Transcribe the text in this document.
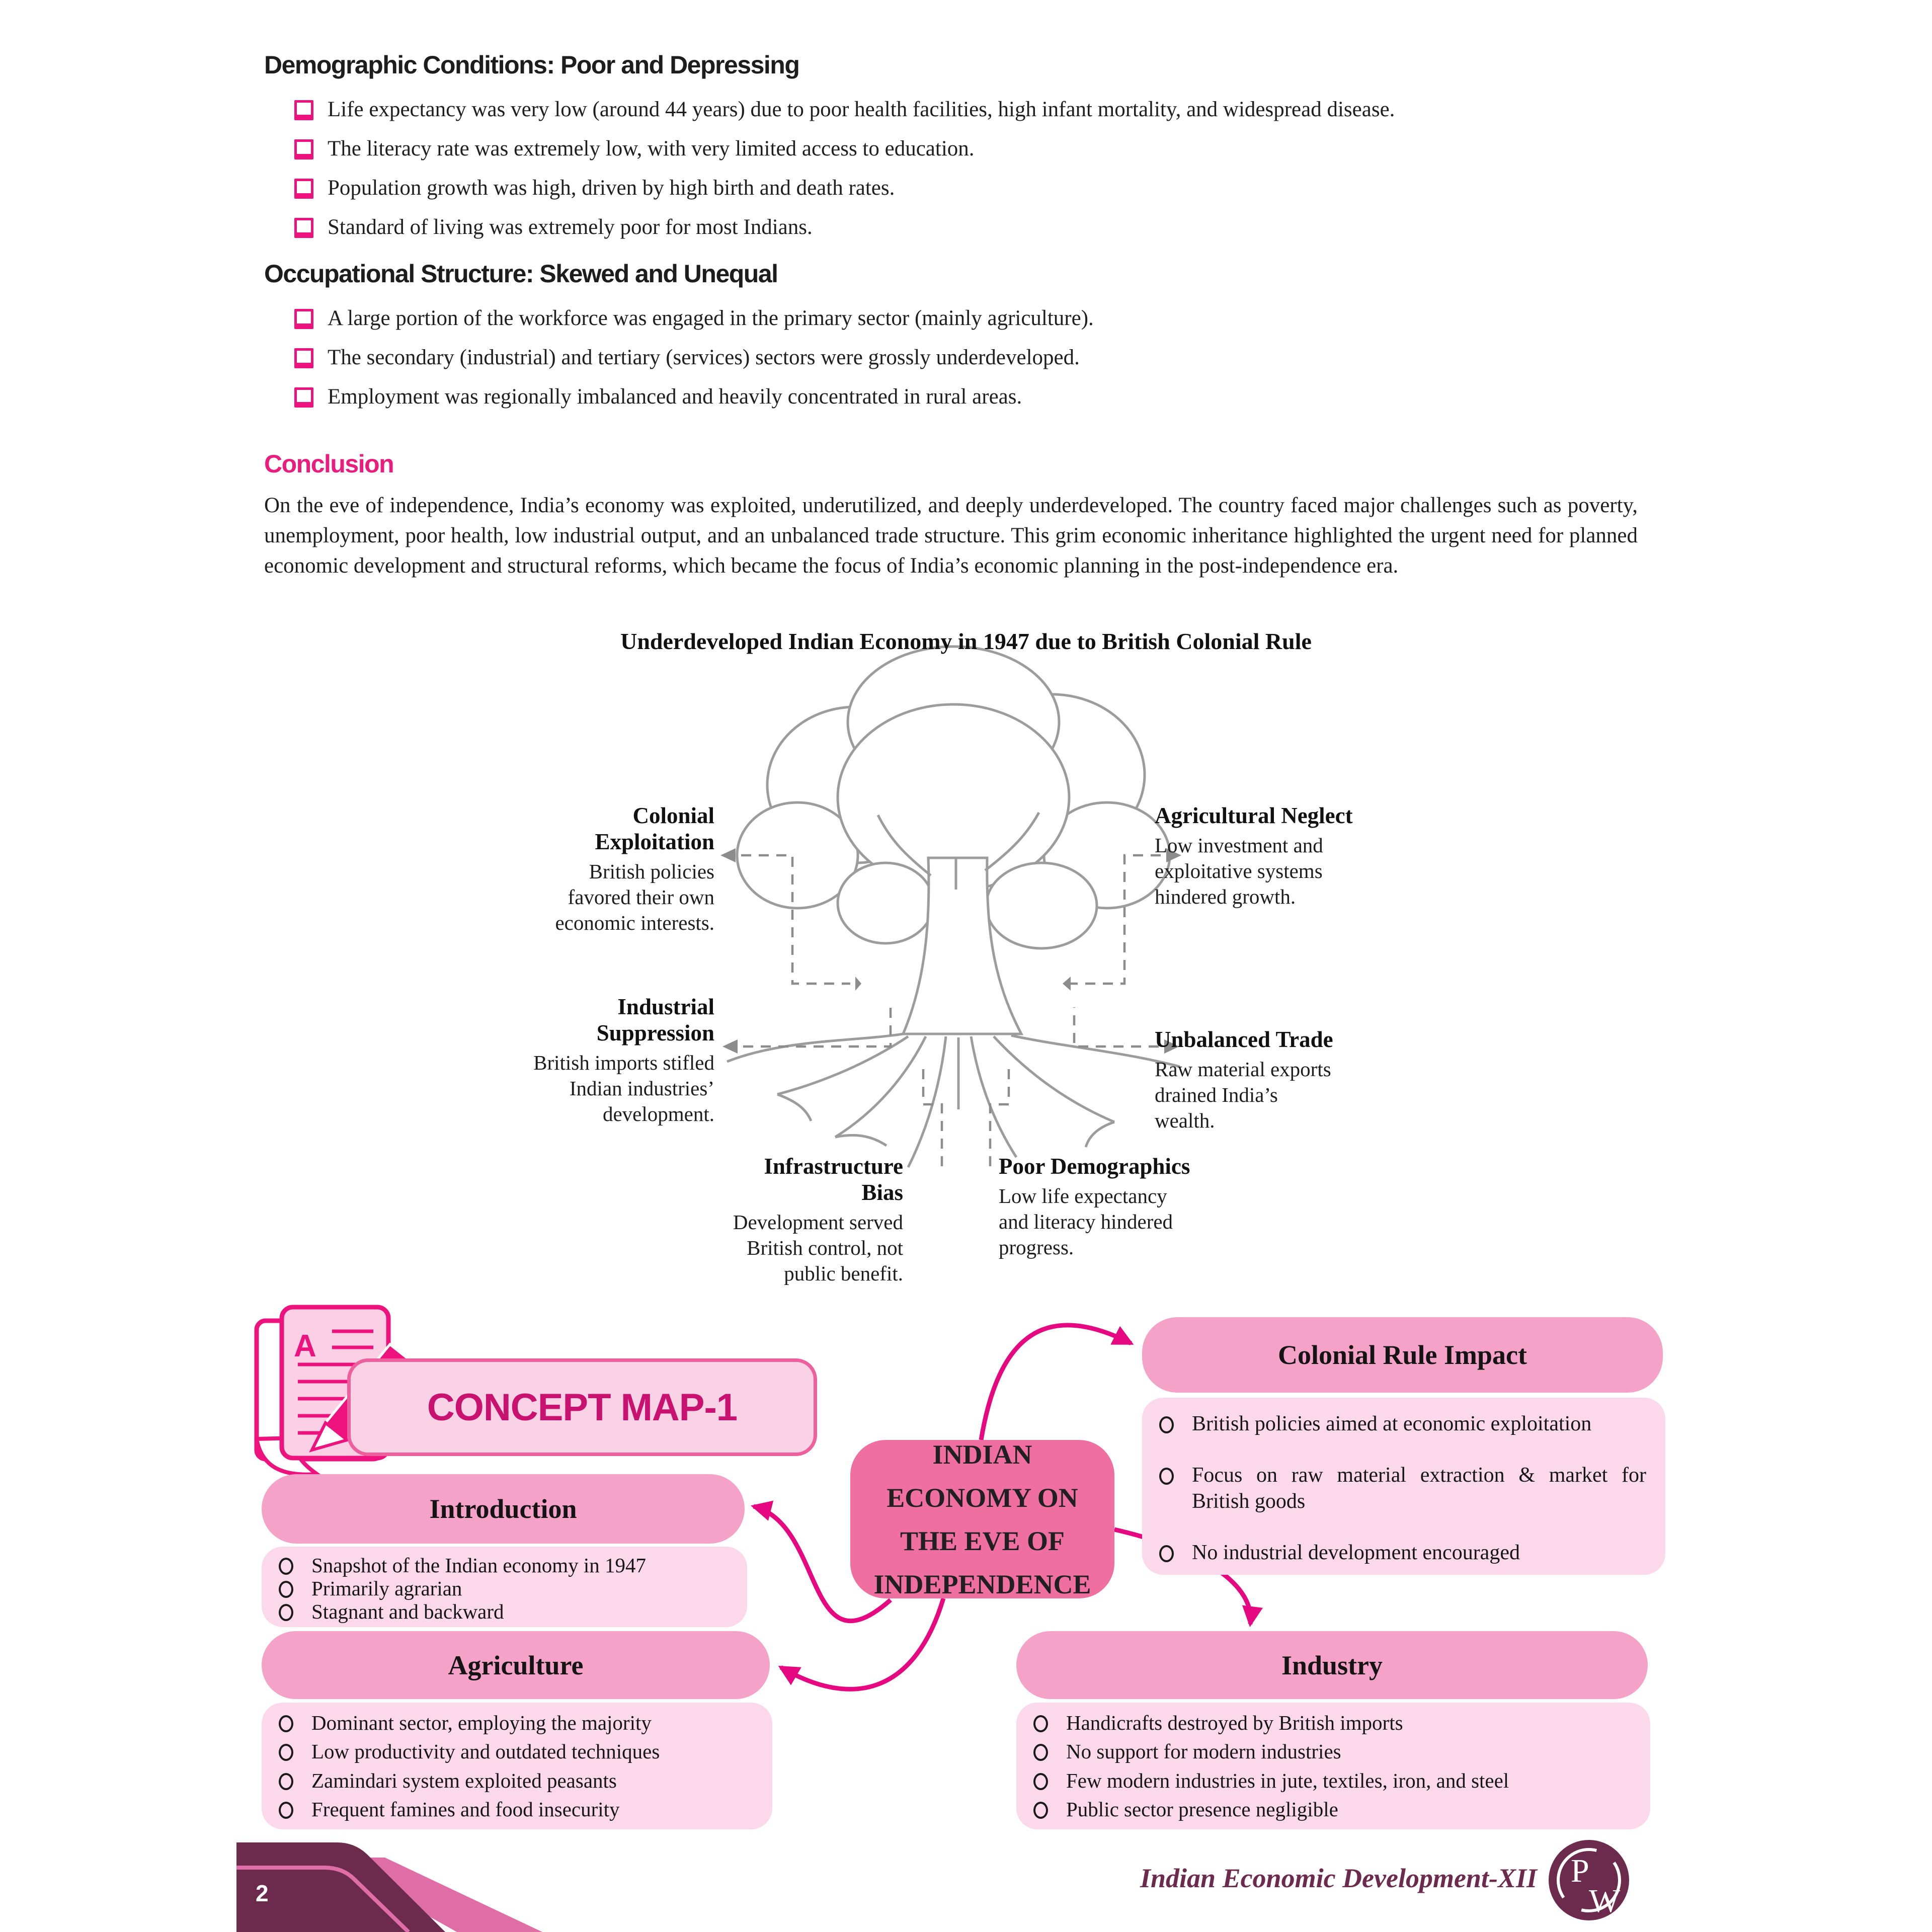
A
P
W
Demographic Conditions: Poor and Depressing
Life expectancy was very low (around 44 years) due to poor health facilities, high infant mortality, and widespread disease.
The literacy rate was extremely low, with very limited access to education.
Population growth was high, driven by high birth and death rates.
Standard of living was extremely poor for most Indians.
Occupational Structure: Skewed and Unequal
A large portion of the workforce was engaged in the primary sector (mainly agriculture).
The secondary (industrial) and tertiary (services) sectors were grossly underdeveloped.
Employment was regionally imbalanced and heavily concentrated in rural areas.
Conclusion
On the eve of independence, India’s economy was exploited, underutilized, and deeply underdeveloped. The country faced major challenges such as poverty, unemployment, poor health, low industrial output, and an unbalanced trade structure. This grim economic inheritance highlighted the urgent need for planned economic development and structural reforms, which became the focus of India’s economic planning in the post-independence era.
Underdeveloped Indian Economy in 1947 due to British Colonial Rule
Colonial Exploitation
British policies favored their own economic interests.
Industrial Suppression
British imports stifled Indian industries’ development.
Agricultural Neglect
Low investment and exploitative systems hindered growth.
Unbalanced Trade
Raw material exports drained India’s wealth.
Infrastructure Bias
Development served British control, not public benefit.
Poor Demographics
Low life expectancy and literacy hindered progress.
CONCEPT MAP-1
INDIAN
ECONOMY ON
THE EVE OF
INDEPENDENCE
Colonial Rule Impact
British policies aimed at economic exploitation
Focus on raw material extraction & market for British goods
No industrial development encouraged
Introduction
Snapshot of the Indian economy in 1947
Primarily agrarian
Stagnant and backward
Agriculture
Dominant sector, employing the majority
Low productivity and outdated techniques
Zamindari system exploited peasants
Frequent famines and food insecurity
Industry
Handicrafts destroyed by British imports
No support for modern industries
Few modern industries in jute, textiles, iron, and steel
Public sector presence negligible
2	Indian Economic Development-XII
